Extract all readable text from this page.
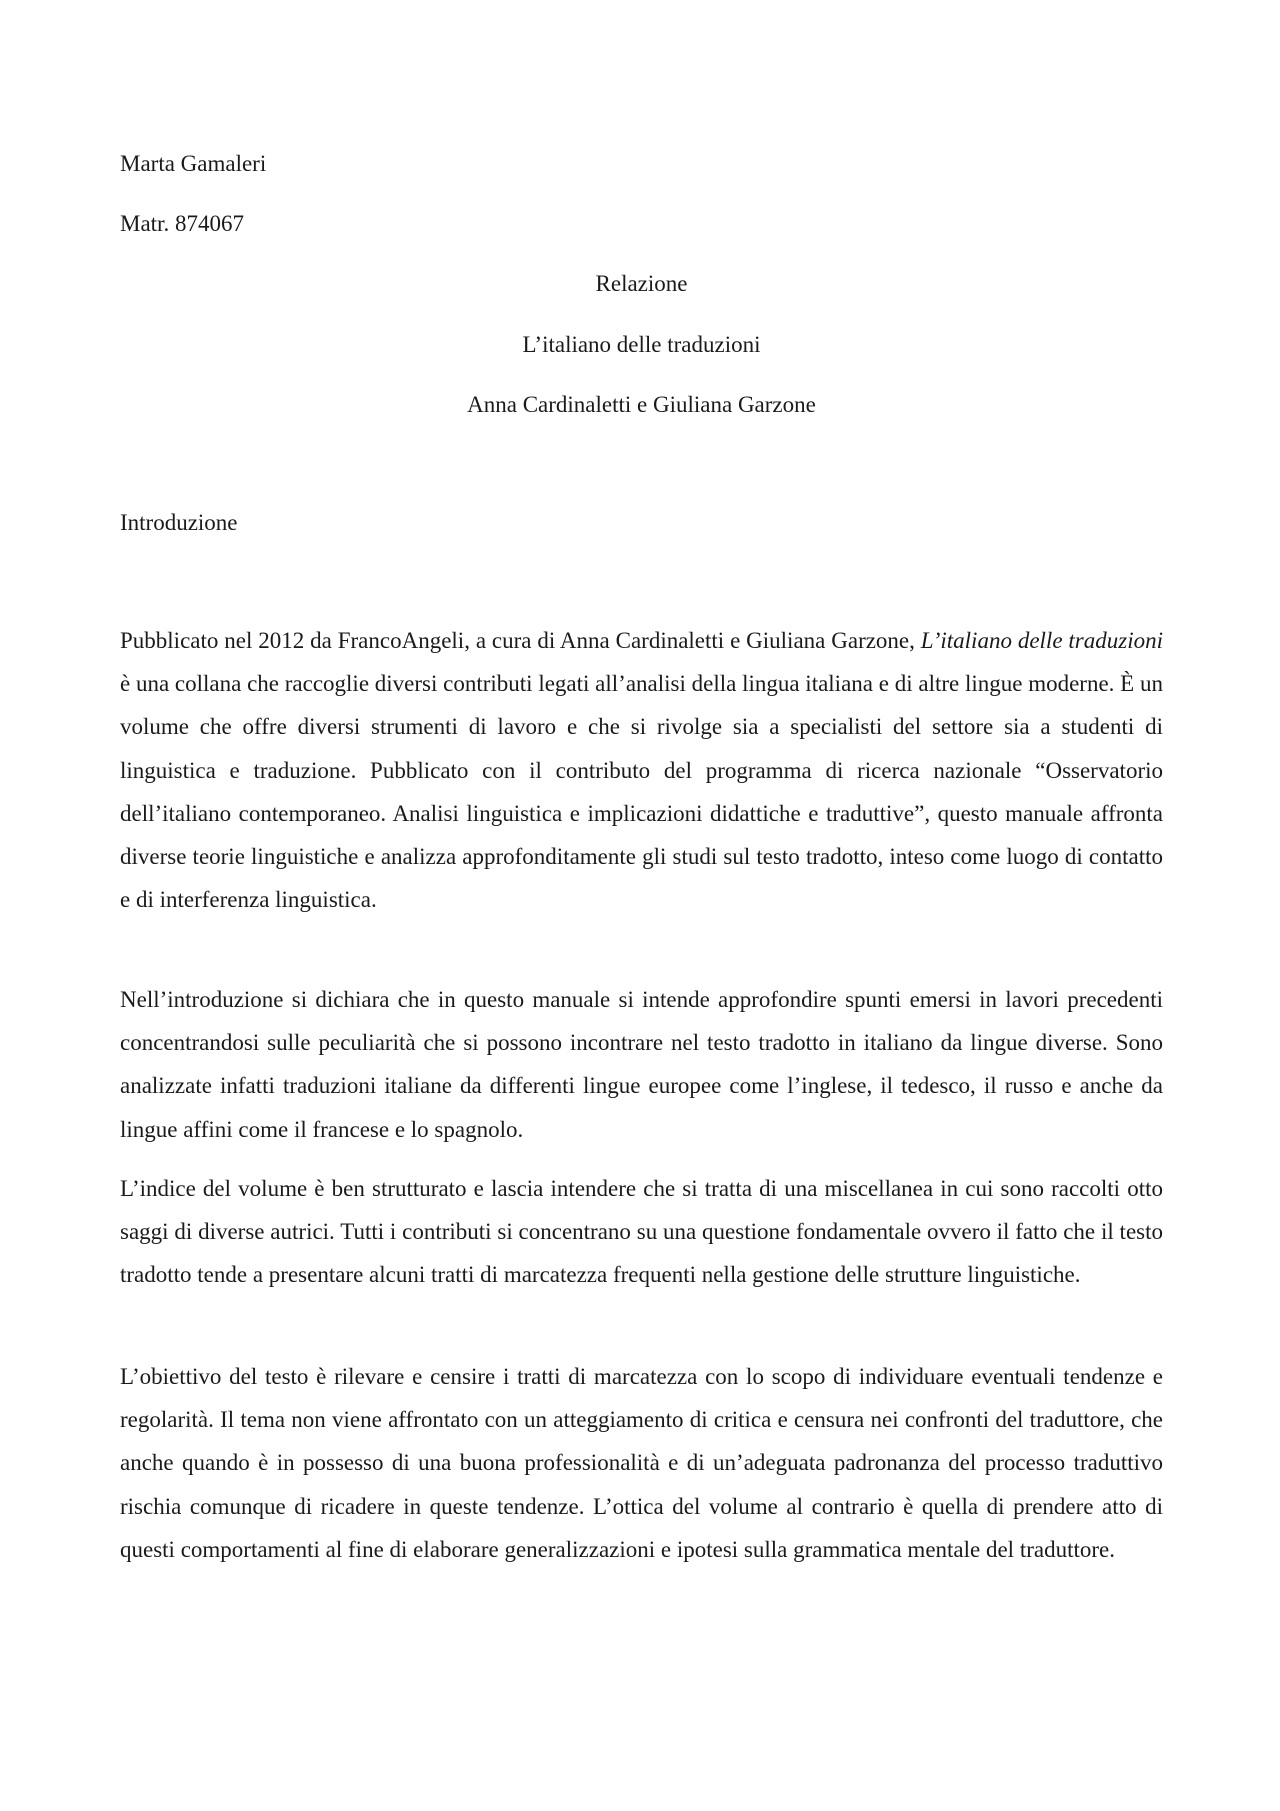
Marta Gamaleri
Matr. 874067
Relazione
L’italiano delle traduzioni
Anna Cardinaletti e Giuliana Garzone
Introduzione

Pubblicato nel 2012 da FrancoAngeli, a cura di Anna Cardinaletti e Giuliana Garzone, L’italiano delle traduzioni è una collana che raccoglie diversi contributi legati all’analisi della lingua italiana e di altre lingue moderne. È un volume che offre diversi strumenti di lavoro e che si rivolge sia a specialisti del settore sia a studenti di linguistica e traduzione. Pubblicato con il contributo del programma di ricerca nazionale “Osservatorio dell’italiano contemporaneo. Analisi linguistica e implicazioni didattiche e traduttive”, questo manuale affronta diverse teorie linguistiche e analizza approfonditamente gli studi sul testo tradotto, inteso come luogo di contatto e di interferenza linguistica.

Nell’introduzione si dichiara che in questo manuale si intende approfondire spunti emersi in lavori precedenti concentrandosi sulle peculiarità che si possono incontrare nel testo tradotto in italiano da lingue diverse. Sono analizzate infatti traduzioni italiane da differenti lingue europee come l’inglese, il tedesco, il russo e anche da lingue affini come il francese e lo spagnolo.

L’indice del volume è ben strutturato e lascia intendere che si tratta di una miscellanea in cui sono raccolti otto saggi di diverse autrici. Tutti i contributi si concentrano su una questione fondamentale ovvero il fatto che il testo tradotto tende a presentare alcuni tratti di marcatezza frequenti nella gestione delle strutture linguistiche.

L’obiettivo del testo è rilevare e censire i tratti di marcatezza con lo scopo di individuare eventuali tendenze e regolarità. Il tema non viene affrontato con un atteggiamento di critica e censura nei confronti del traduttore, che anche quando è in possesso di una buona professionalità e di un’adeguata padronanza del processo traduttivo rischia comunque di ricadere in queste tendenze. L’ottica del volume al contrario è quella di prendere atto di questi comportamenti al fine di elaborare generalizzazioni e ipotesi sulla grammatica mentale del traduttore.
